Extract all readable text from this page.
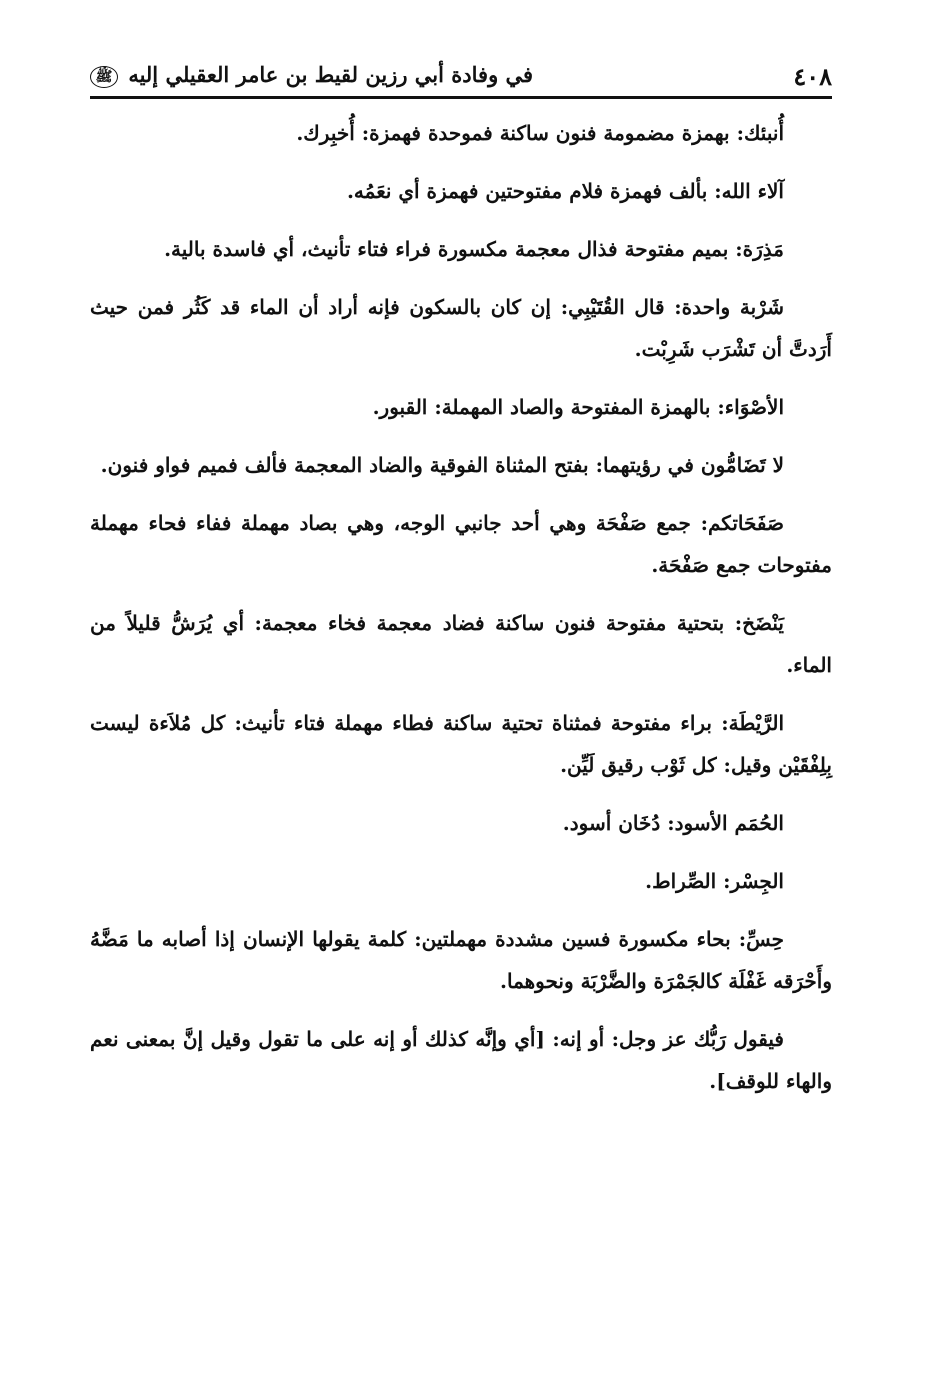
٤٠٨
في وفادة أبي رزين لقيط بن عامر العقيلي إليه ﷺ

أُنبئك: بهمزة مضمومة فنون ساكنة فموحدة فهمزة: أُخبِرك.

آلاء الله: بألف فهمزة فلام مفتوحتين فهمزة أي نعَمُه.

مَذِرَة: بميم مفتوحة فذال معجمة مكسورة فراء فتاء تأنيث، أي فاسدة بالية.

شَرْبة واحدة: قال القُتَيْبِي: إن كان بالسكون فإنه أراد أن الماء قد كَثُر فمن حيث أَرَدتَّ أن تَشْرَب شَرِبْت.

الأصْوَاء: بالهمزة المفتوحة والصاد المهملة: القبور.

لا تَضَامُّون في رؤيتهما: بفتح المثناة الفوقية والضاد المعجمة فألف فميم فواو فنون.

صَفَحَاتكم: جمع صَفْحَة وهي أحد جانبي الوجه، وهي بصاد مهملة ففاء فحاء مهملة مفتوحات جمع صَفْحَة.

يَنْضَخ: بتحتية مفتوحة فنون ساكنة فضاد معجمة فخاء معجمة: أي يُرَشُّ قليلاً من الماء.

الرَّيْطَة: براء مفتوحة فمثناة تحتية ساكنة فطاء مهملة فتاء تأنيث: كل مُلاَءة ليست بِلِفْقَيْن وقيل: كل ثَوْب رقيق لَيِّن.

الحُمَم الأسود: دُخَان أسود.

الجِسْر: الصِّراط.

حِسِّ: بحاء مكسورة فسين مشددة مهملتين: كلمة يقولها الإنسان إذا أصابه ما مَضَّهُ وأَحْرَقه غَفْلَة كالجَمْرَة والضَّرْبَة ونحوهما.

فيقول رَبُّك عز وجل: أو إنه: [أي وإنَّه كذلك أو إنه على ما تقول وقيل إنَّ بمعنى نعم والهاء للوقف].
